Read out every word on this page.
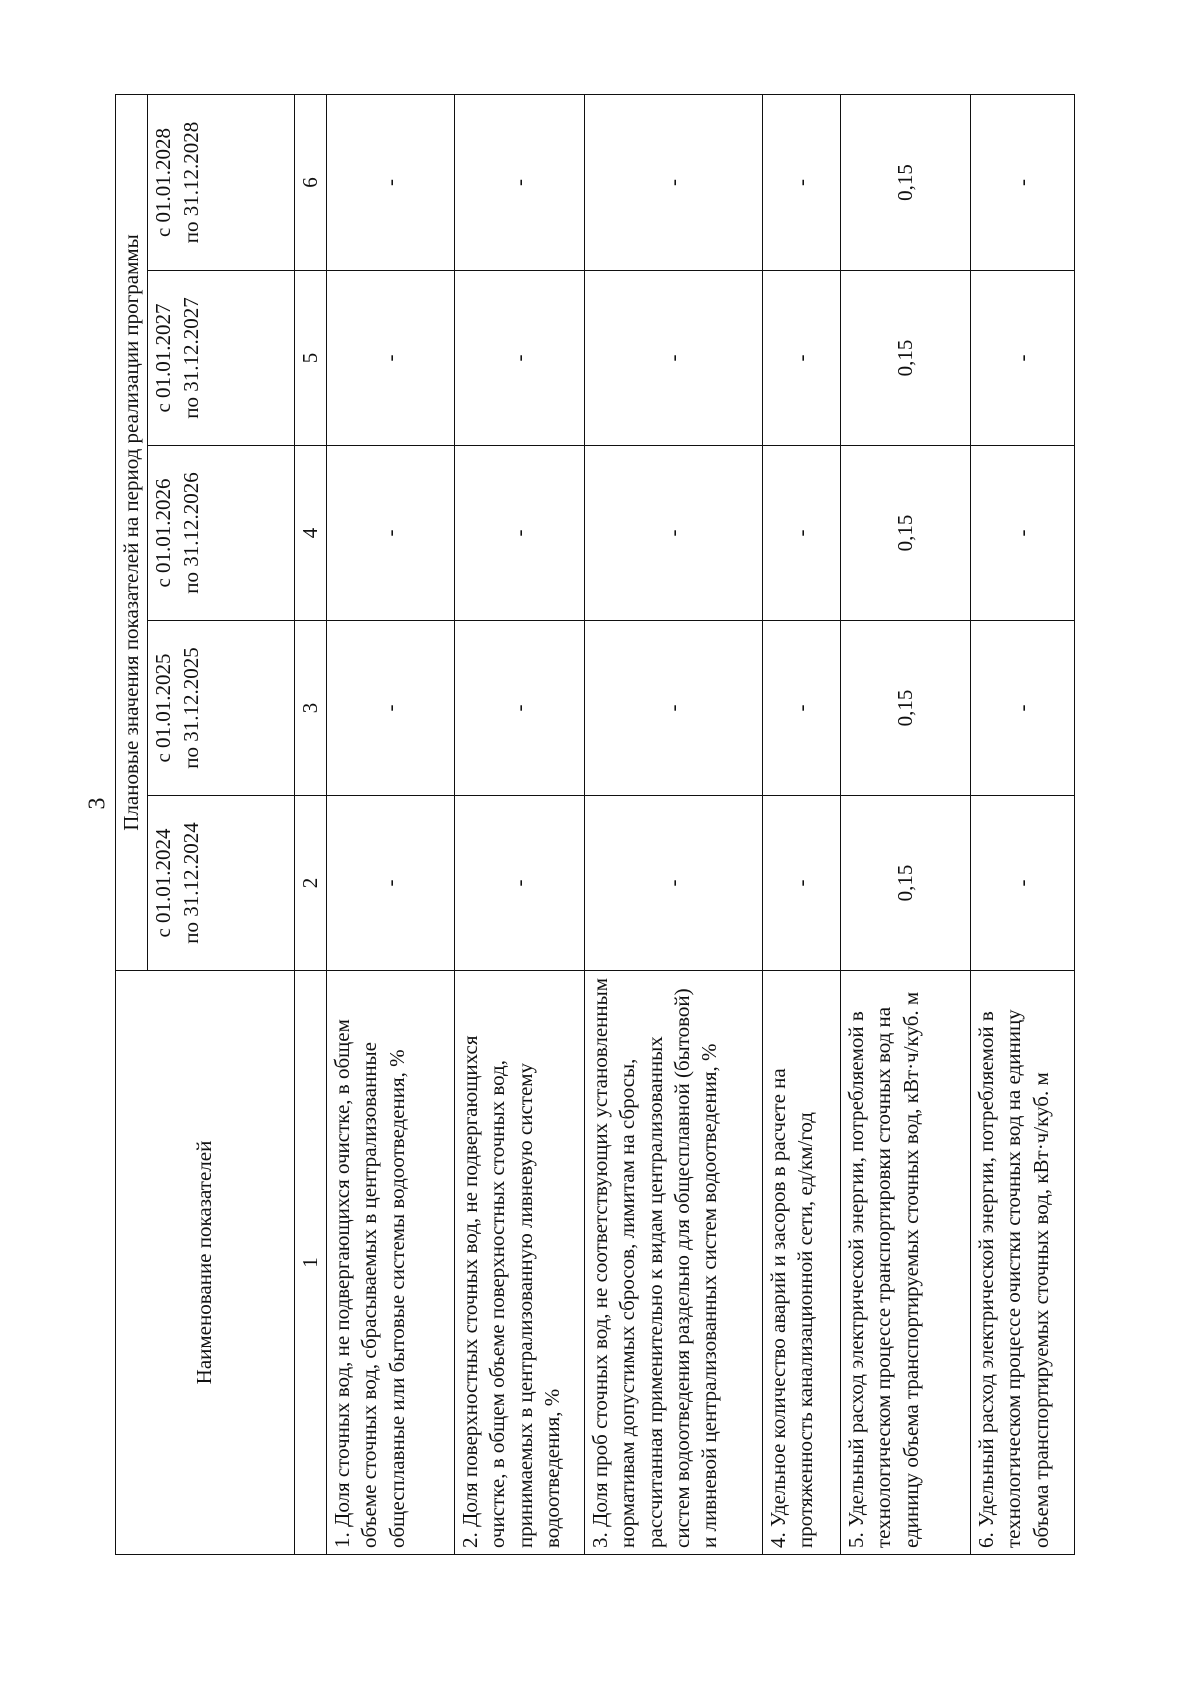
3
Наименование показателей	Плановые значения показателей на период реализации программы				

	с 01.01.2024 по 31.12.2024	с 01.01.2025 по 31.12.2025	с 01.01.2026 по 31.12.2026	с 01.01.2027 по 31.12.2027	с 01.01.2028 по 31.12.2028

1	2	3	4	5	6
1. Доля сточных вод, не подвергающихся очистке, в общем объеме сточных вод, сбрасываемых в централизованные общесплавные или бытовые системы водоотведения, %	-	-	-	-	-
2. Доля поверхностных сточных вод, не подвергающихся очистке, в общем объеме поверхностных сточных вод, принимаемых в централизованную ливневую систему водоотведения, %	-	-	-	-	-
3. Доля проб сточных вод, не соответствующих установленным нормативам допустимых сбросов, лимитам на сбросы, рассчитанная применительно к видам централизованных систем водоотведения раздельно для общесплавной (бытовой) и ливневой централизованных систем водоотведения, %	-	-	-	-	-
4. Удельное количество аварий и засоров в расчете на протяженность канализационной сети, ед/км/год	-	-	-	-	-
5. Удельный расход электрической энергии, потребляемой в технологическом процессе транспортировки сточных вод на единицу объема транспортируемых сточных вод, кВт·ч/куб. м	0,15	0,15	0,15	0,15	0,15
6. Удельный расход электрической энергии, потребляемой в технологическом процессе очистки сточных вод на единицу объема транспортируемых сточных вод, кВт·ч/куб. м	-	-	-	-	-
